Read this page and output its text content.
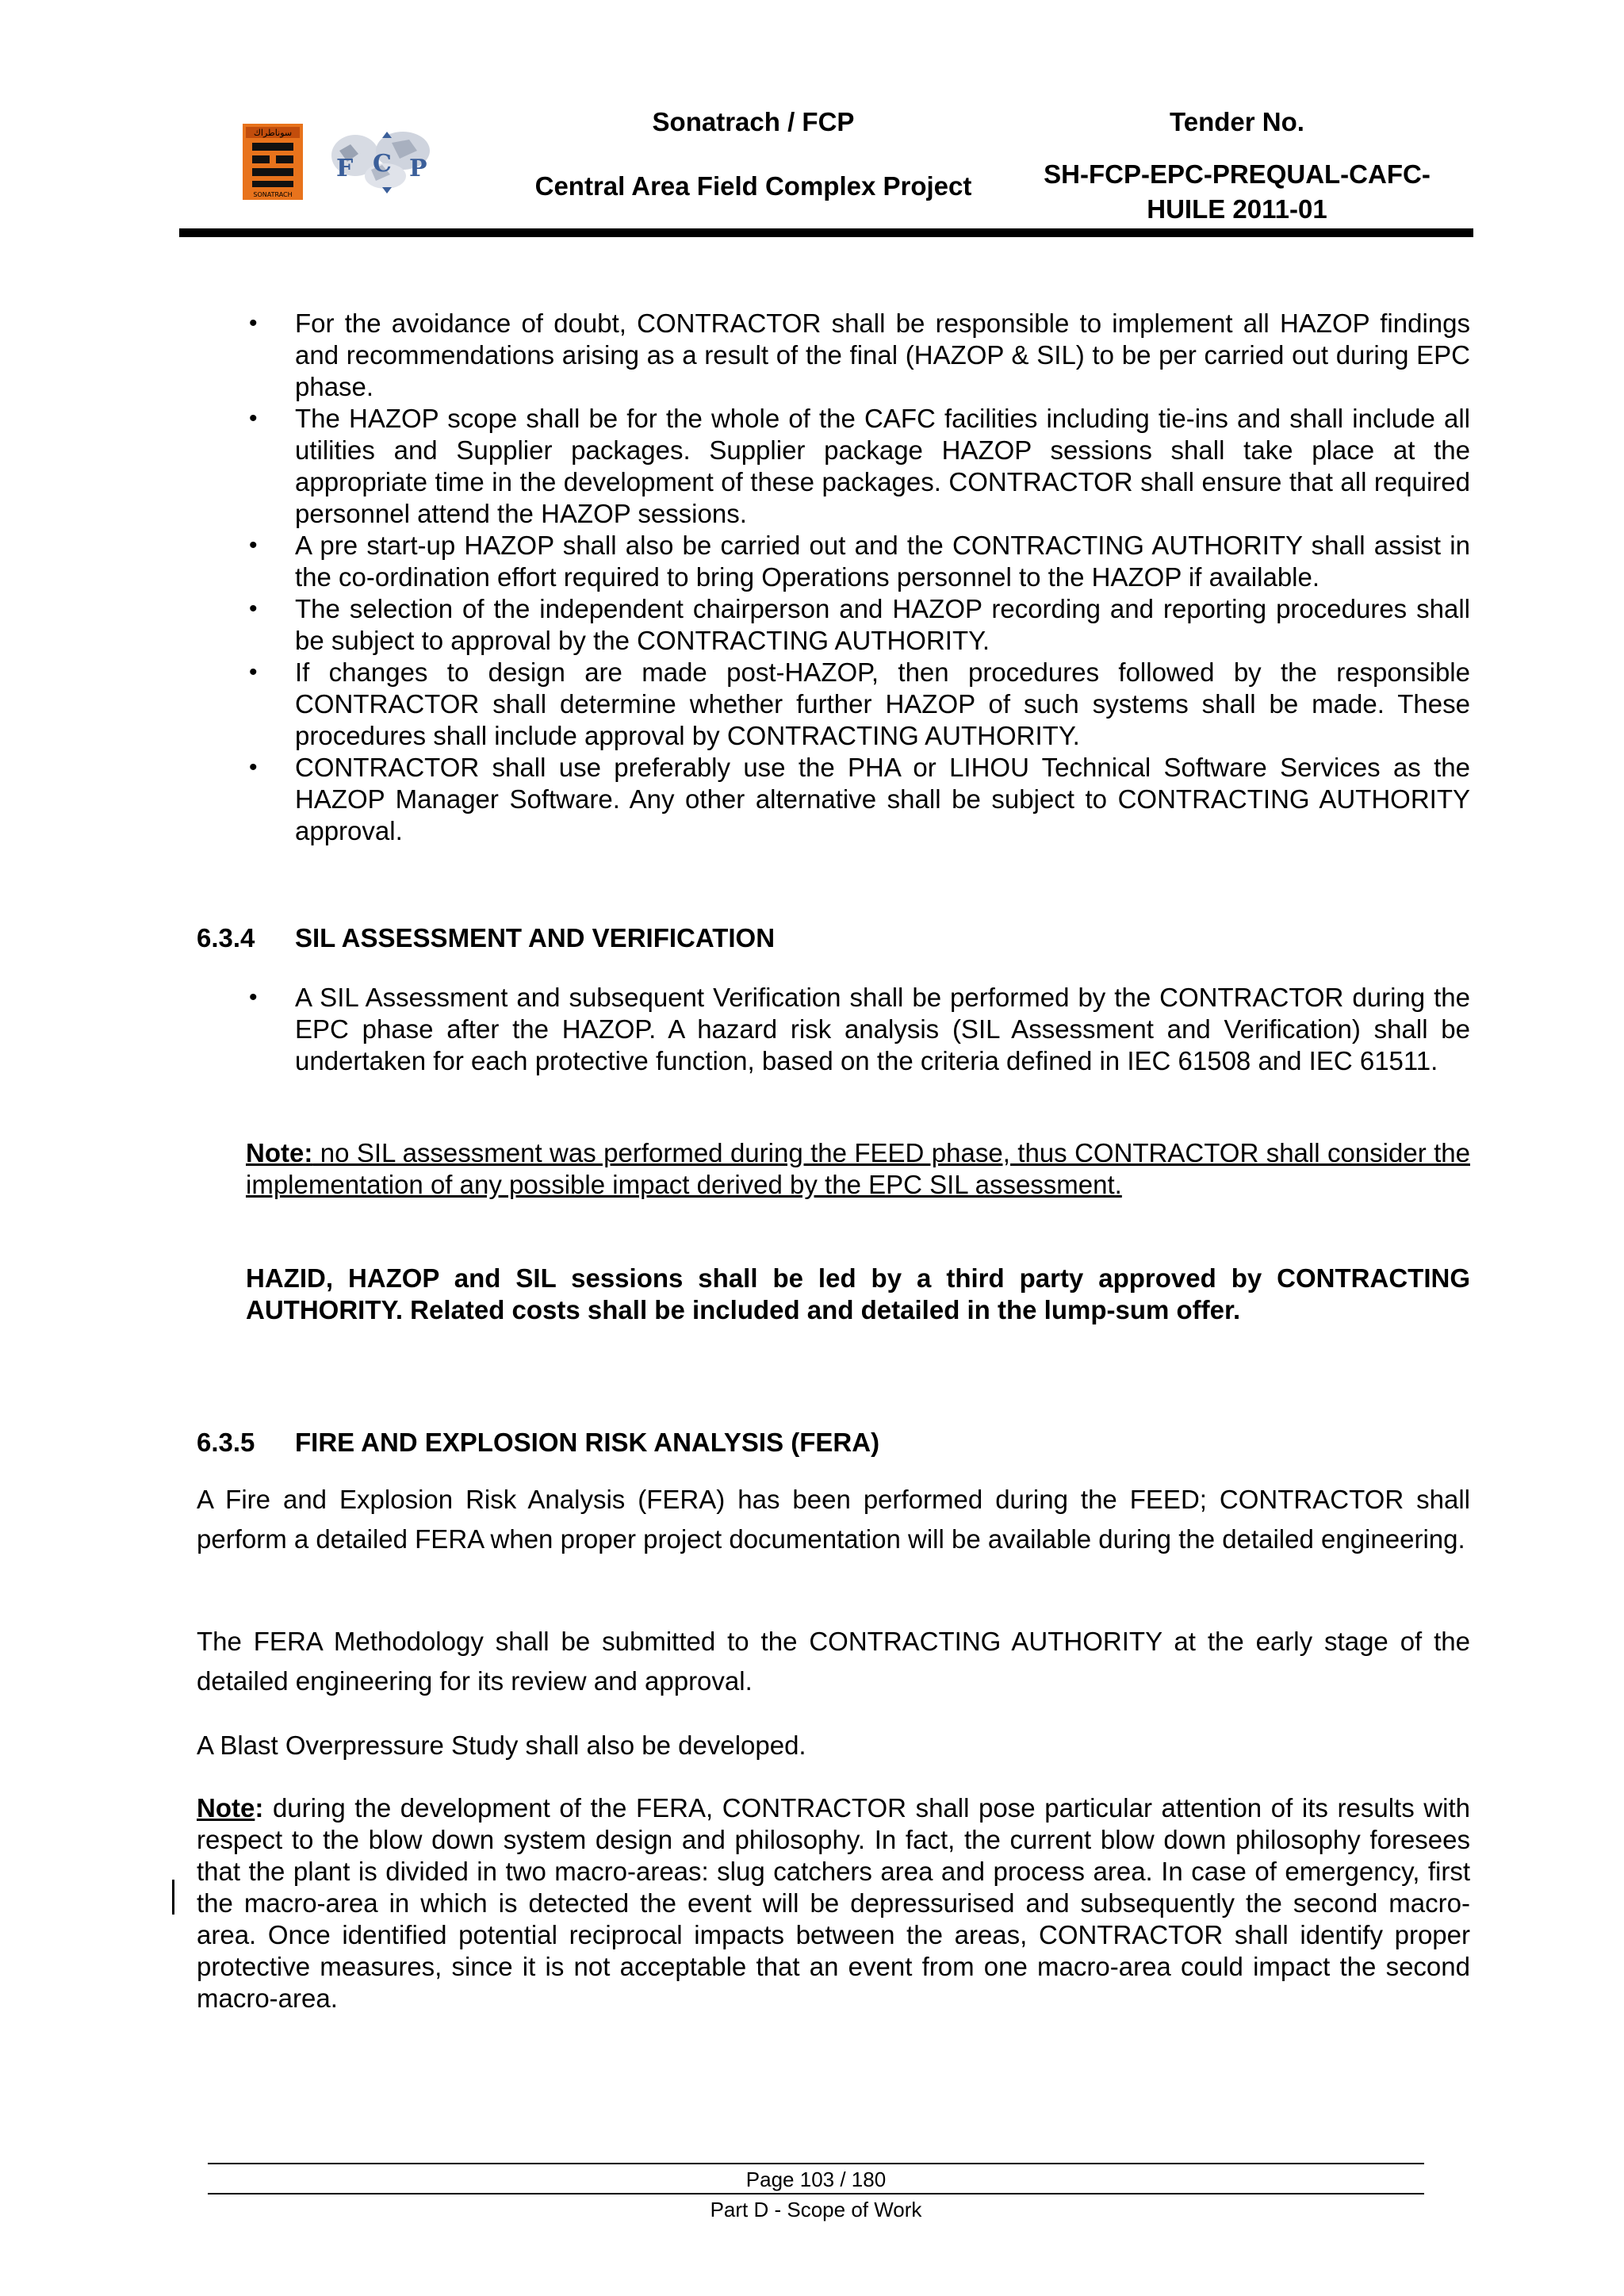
سوناطراك
SONATRACH
F C P
Sonatrach / FCP
Central Area Field Complex Project
Tender No.
SH-FCP-EPC-PREQUAL-CAFC-HUILE 2011-01
• For the avoidance of doubt, CONTRACTOR shall be responsible to implement all HAZOP findings and recommendations arising as a result of the final (HAZOP & SIL) to be per carried out during EPC phase.
• The HAZOP scope shall be for the whole of the CAFC facilities including tie-ins and shall include all utilities and Supplier packages. Supplier package HAZOP sessions shall take place at the appropriate time in the development of these packages. CONTRACTOR shall ensure that all required personnel attend the HAZOP sessions.
• A pre start-up HAZOP shall also be carried out and the CONTRACTING AUTHORITY shall assist in the co-ordination effort required to bring Operations personnel to the HAZOP if available.
• The selection of the independent chairperson and HAZOP recording and reporting procedures shall be subject to approval by the CONTRACTING AUTHORITY.
• If changes to design are made post-HAZOP, then procedures followed by the responsible CONTRACTOR shall determine whether further HAZOP of such systems shall be made. These procedures shall include approval by CONTRACTING AUTHORITY.
• CONTRACTOR shall use preferably use the PHA or LIHOU Technical Software Services as the HAZOP Manager Software. Any other alternative shall be subject to CONTRACTING AUTHORITY approval.
6.3.4 SIL ASSESSMENT AND VERIFICATION
• A SIL Assessment and subsequent Verification shall be performed by the CONTRACTOR during the EPC phase after the HAZOP. A hazard risk analysis (SIL Assessment and Verification) shall be undertaken for each protective function, based on the criteria defined in IEC 61508 and IEC 61511.
Note: no SIL assessment was performed during the FEED phase, thus CONTRACTOR shall consider the implementation of any possible impact derived by the EPC SIL assessment.
HAZID, HAZOP and SIL sessions shall be led by a third party approved by CONTRACTING AUTHORITY. Related costs shall be included and detailed in the lump-sum offer.
6.3.5 FIRE AND EXPLOSION RISK ANALYSIS (FERA)
A Fire and Explosion Risk Analysis (FERA) has been performed during the FEED; CONTRACTOR shall perform a detailed FERA when proper project documentation will be available during the detailed engineering.
The FERA Methodology shall be submitted to the CONTRACTING AUTHORITY at the early stage of the detailed engineering for its review and approval.
A Blast Overpressure Study shall also be developed.
Note: during the development of the FERA, CONTRACTOR shall pose particular attention of its results with respect to the blow down system design and philosophy. In fact, the current blow down philosophy foresees that the plant is divided in two macro-areas: slug catchers area and process area. In case of emergency, first the macro-area in which is detected the event will be depressurised and subsequently the second macro-area. Once identified potential reciprocal impacts between the areas, CONTRACTOR shall identify proper protective measures, since it is not acceptable that an event from one macro-area could impact the second macro-area.
Page 103 / 180
Part D - Scope of Work
